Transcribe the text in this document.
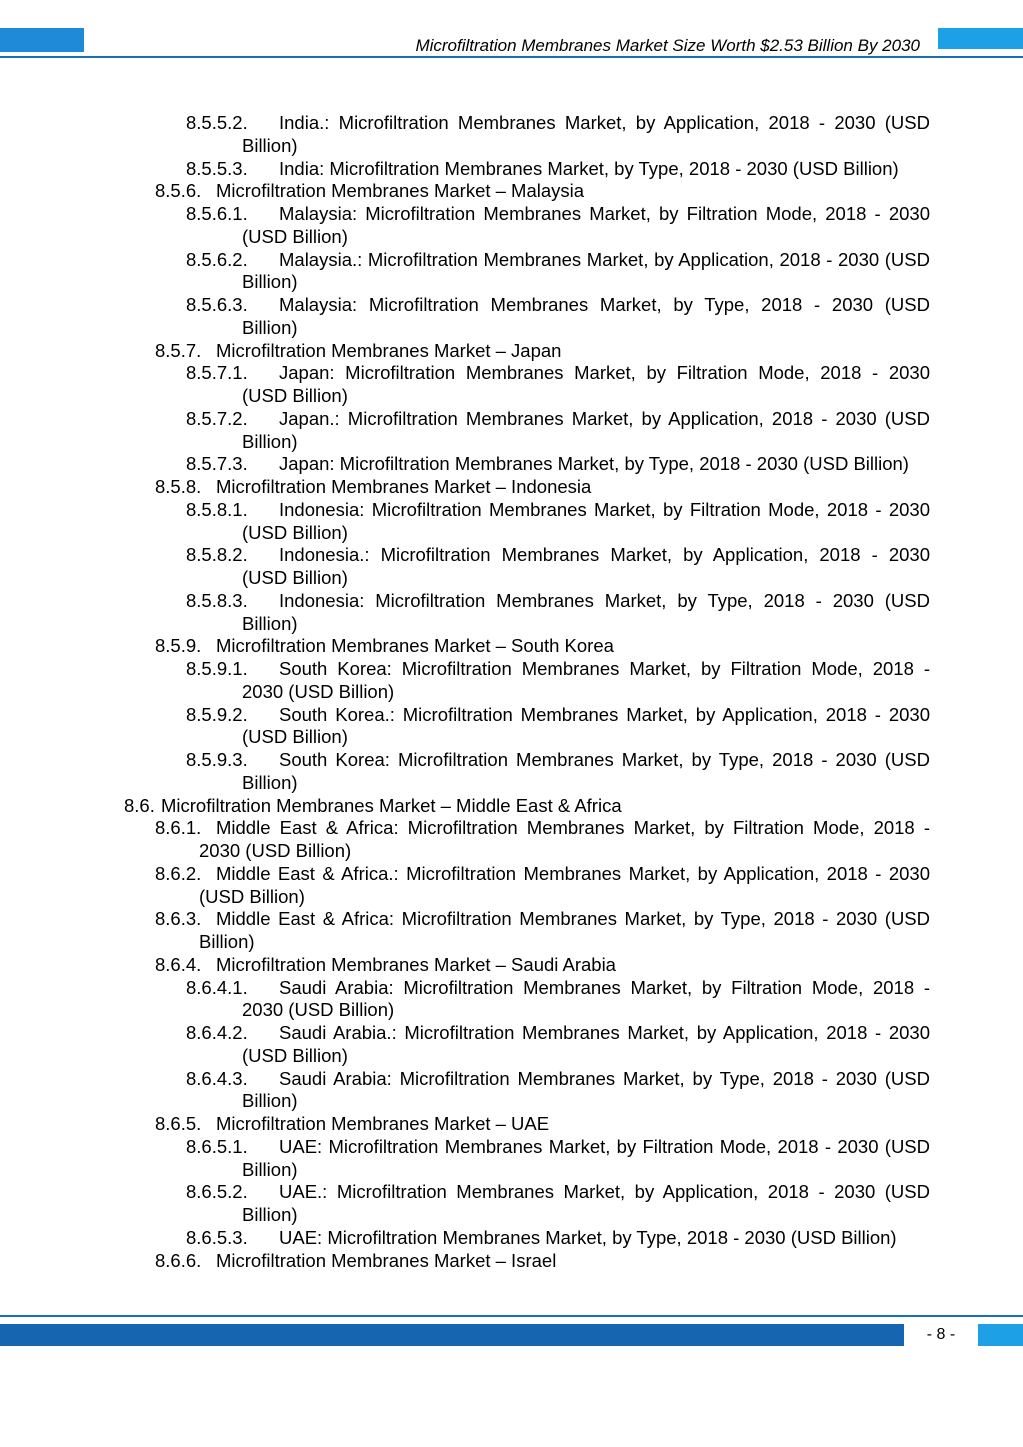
Microfiltration Membranes Market Size Worth $2.53 Billion By 2030
8.5.5.2.	India.: Microfiltration Membranes Market, by Application, 2018 - 2030 (USD Billion)
8.5.5.3.	India: Microfiltration Membranes Market, by Type, 2018 - 2030 (USD Billion)
8.5.6. Microfiltration Membranes Market – Malaysia
8.5.6.1.	Malaysia: Microfiltration Membranes Market, by Filtration Mode, 2018 - 2030 (USD Billion)
8.5.6.2.	Malaysia.: Microfiltration Membranes Market, by Application, 2018 - 2030 (USD Billion)
8.5.6.3.	Malaysia: Microfiltration Membranes Market, by Type, 2018 - 2030 (USD Billion)
8.5.7. Microfiltration Membranes Market – Japan
8.5.7.1.	Japan: Microfiltration Membranes Market, by Filtration Mode, 2018 - 2030 (USD Billion)
8.5.7.2.	Japan.: Microfiltration Membranes Market, by Application, 2018 - 2030 (USD Billion)
8.5.7.3.	Japan: Microfiltration Membranes Market, by Type, 2018 - 2030 (USD Billion)
8.5.8. Microfiltration Membranes Market – Indonesia
8.5.8.1.	Indonesia: Microfiltration Membranes Market, by Filtration Mode, 2018 - 2030 (USD Billion)
8.5.8.2.	Indonesia.: Microfiltration Membranes Market, by Application, 2018 - 2030 (USD Billion)
8.5.8.3.	Indonesia: Microfiltration Membranes Market, by Type, 2018 - 2030 (USD Billion)
8.5.9. Microfiltration Membranes Market – South Korea
8.5.9.1.	South Korea: Microfiltration Membranes Market, by Filtration Mode, 2018 - 2030 (USD Billion)
8.5.9.2.	South Korea.: Microfiltration Membranes Market, by Application, 2018 - 2030 (USD Billion)
8.5.9.3.	South Korea: Microfiltration Membranes Market, by Type, 2018 - 2030 (USD Billion)
8.6. Microfiltration Membranes Market – Middle East & Africa
8.6.1. Middle East & Africa: Microfiltration Membranes Market, by Filtration Mode, 2018 - 2030 (USD Billion)
8.6.2. Middle East & Africa.: Microfiltration Membranes Market, by Application, 2018 - 2030 (USD Billion)
8.6.3. Middle East & Africa: Microfiltration Membranes Market, by Type, 2018 - 2030 (USD Billion)
8.6.4. Microfiltration Membranes Market – Saudi Arabia
8.6.4.1.	Saudi Arabia: Microfiltration Membranes Market, by Filtration Mode, 2018 - 2030 (USD Billion)
8.6.4.2.	Saudi Arabia.: Microfiltration Membranes Market, by Application, 2018 - 2030 (USD Billion)
8.6.4.3.	Saudi Arabia: Microfiltration Membranes Market, by Type, 2018 - 2030 (USD Billion)
8.6.5. Microfiltration Membranes Market – UAE
8.6.5.1.	UAE: Microfiltration Membranes Market, by Filtration Mode, 2018 - 2030 (USD Billion)
8.6.5.2.	UAE.: Microfiltration Membranes Market, by Application, 2018 - 2030 (USD Billion)
8.6.5.3.	UAE: Microfiltration Membranes Market, by Type, 2018 - 2030 (USD Billion)
8.6.6. Microfiltration Membranes Market – Israel
- 8 -
